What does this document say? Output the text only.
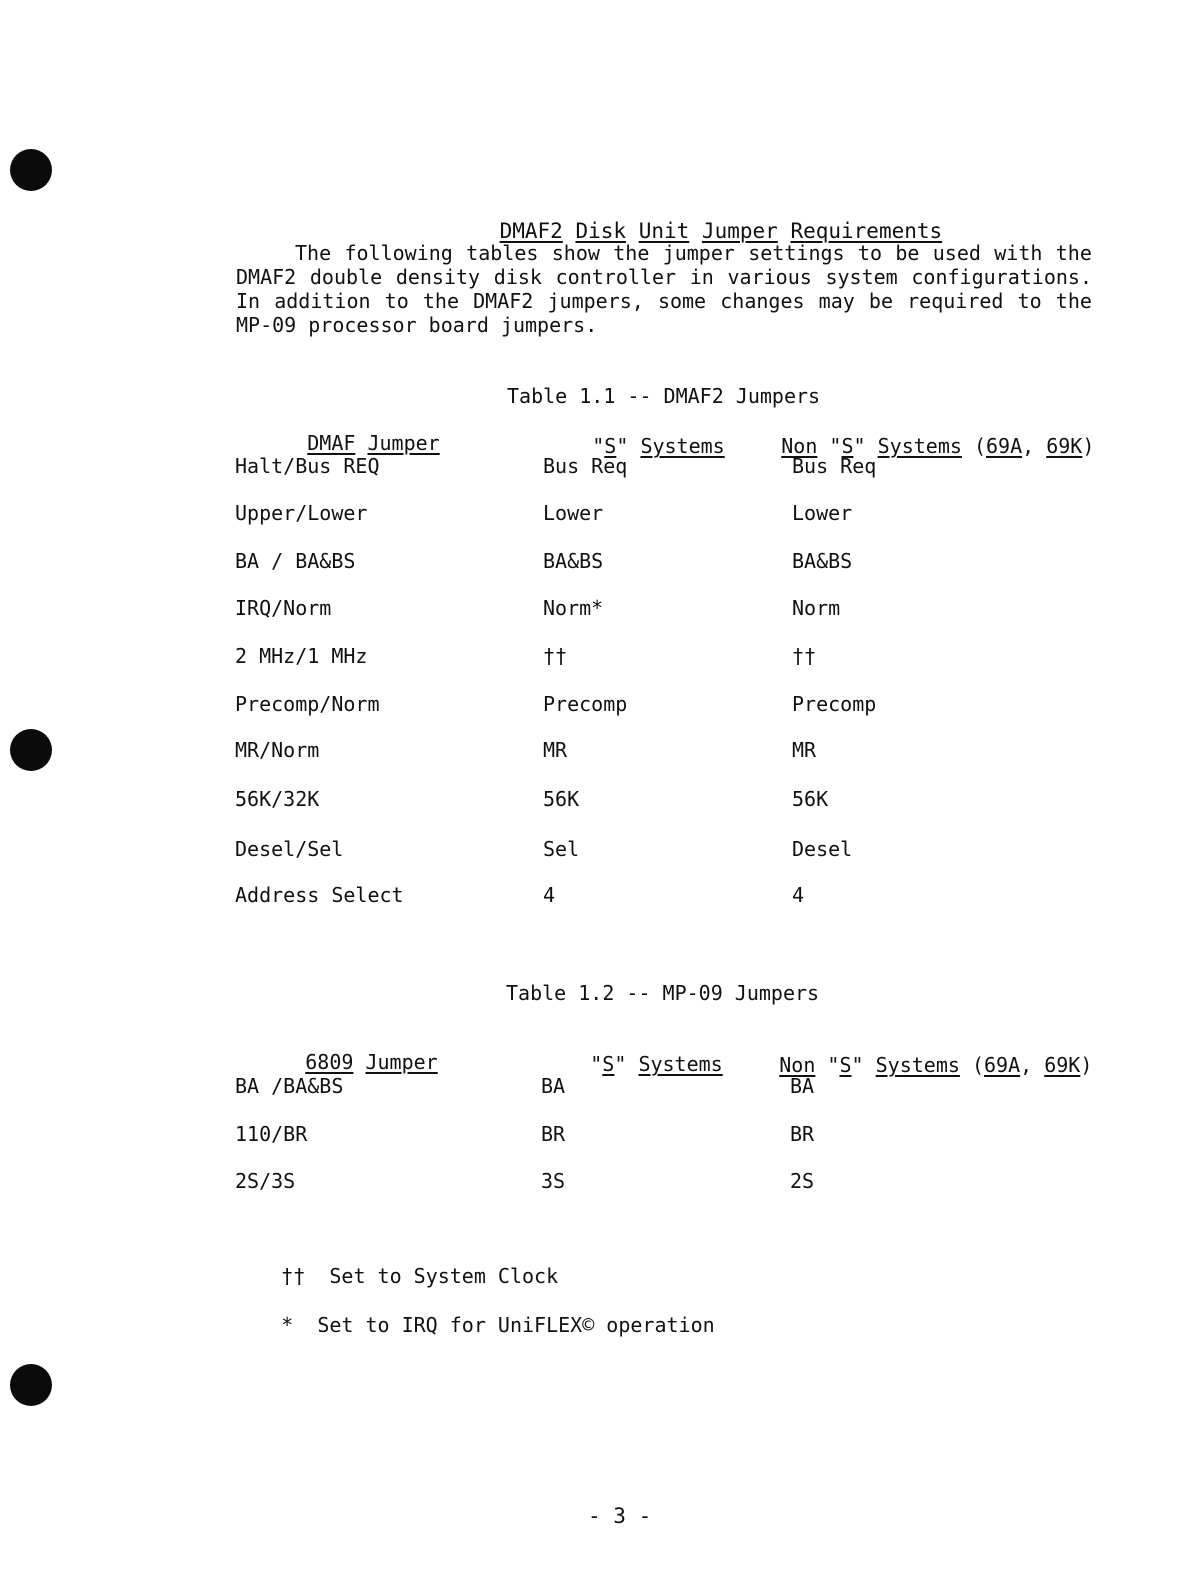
DMAF2 Disk Unit Jumper Requirements

The following tables show the jumper settings to be used with the
DMAF2 double density disk controller in various system configurations.
In addition to the DMAF2 jumpers, some changes may be required to the
MP-09 processor board jumpers.
Table 1.1 -- DMAF2 Jumpers

DMAF Jumper
	"S" Systems
	Non "S" Systems (69A, 69K)

Halt/Bus REQ	Bus Req	Bus Req
Upper/Lower	Lower	Lower
BA / BA&BS	BA&BS	BA&BS
IRQ/Norm	Norm*	Norm
2 MHz/1 MHz	††	††
Precomp/Norm	Precomp	Precomp
MR/Norm	MR	MR
56K/32K	56K	56K
Desel/Sel	Sel	Desel
Address Select	4	4
Table 1.2 -- MP-09 Jumpers

6809 Jumper
	"S" Systems
	Non "S" Systems (69A, 69K)

BA /BA&BS	BA	BA
110/BR	BR	BR
2S/3S	3S	2S

†† Set to System Clock

* Set to IRQ for UniFLEX© operation

- 3 -
